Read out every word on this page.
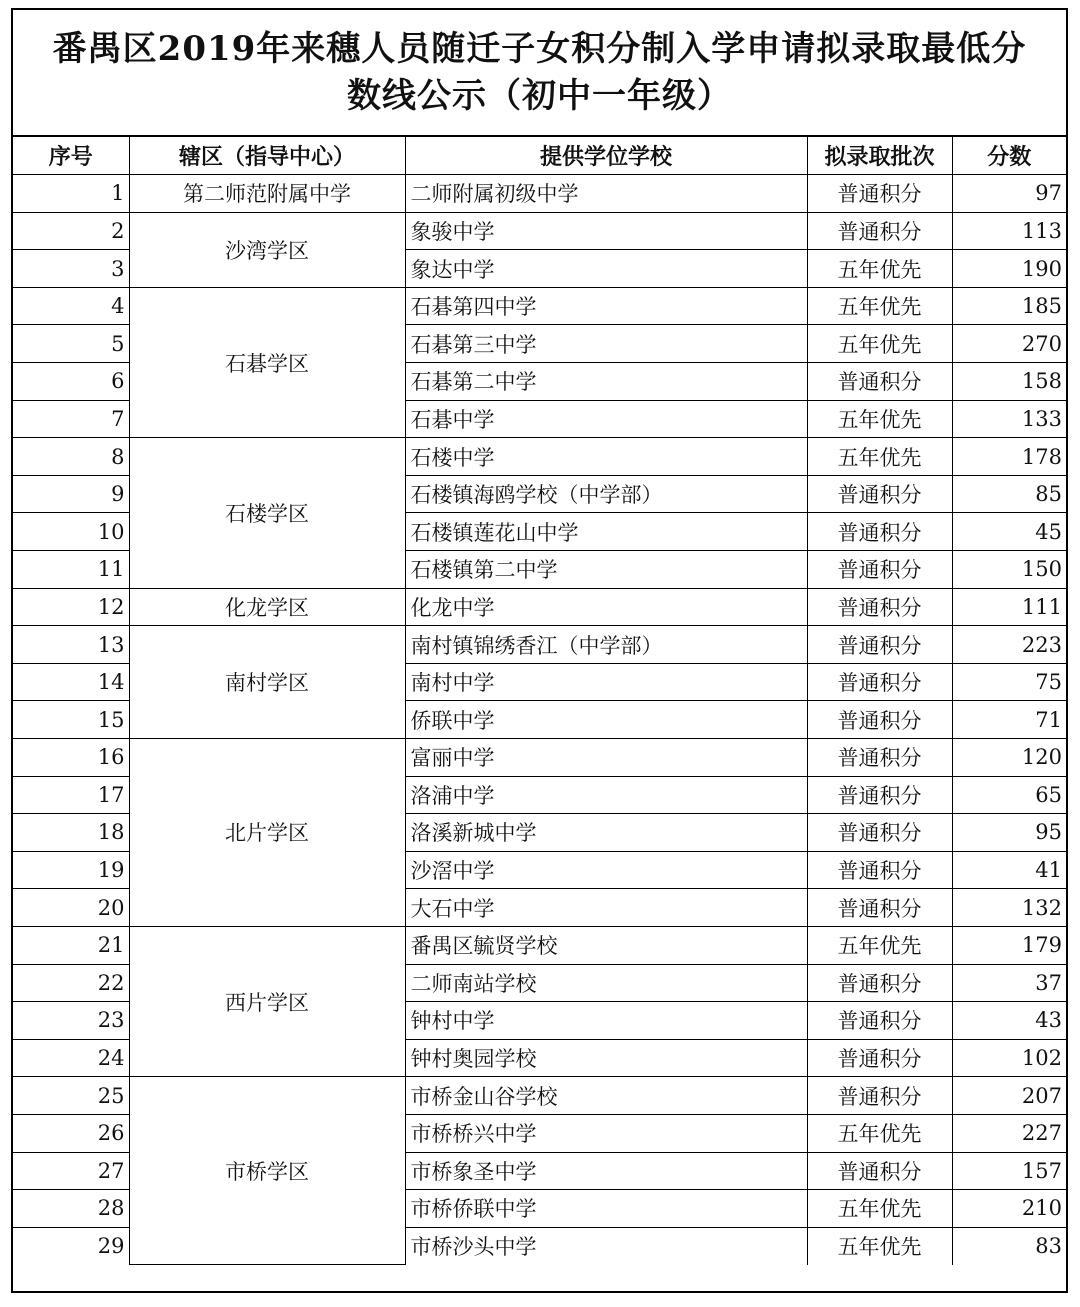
番禺区2019年来穗人员随迁子女积分制入学申请拟录取最低分
数线公示（初中一年级）
序号	辖区（指导中心）	提供学位学校	拟录取批次	分数
1	第二师范附属中学	二师附属初级中学	普通积分	97
2	沙湾学区	象骏中学	普通积分	113
3		象达中学	五年优先	190
4	石碁学区	石碁第四中学	五年优先	185
5		石碁第三中学	五年优先	270
6		石碁第二中学	普通积分	158
7		石碁中学	五年优先	133
8	石楼学区	石楼中学	五年优先	178
9		石楼镇海鸥学校（中学部）	普通积分	85
10		石楼镇莲花山中学	普通积分	45
11		石楼镇第二中学	普通积分	150
12	化龙学区	化龙中学	普通积分	111
13	南村学区	南村镇锦绣香江（中学部）	普通积分	223
14		南村中学	普通积分	75
15		侨联中学	普通积分	71
16	北片学区	富丽中学	普通积分	120
17		洛浦中学	普通积分	65
18		洛溪新城中学	普通积分	95
19		沙滘中学	普通积分	41
20		大石中学	普通积分	132
21	西片学区	番禺区毓贤学校	五年优先	179
22		二师南站学校	普通积分	37
23		钟村中学	普通积分	43
24		钟村奥园学校	普通积分	102
25	市桥学区	市桥金山谷学校	普通积分	207
26		市桥桥兴中学	五年优先	227
27		市桥象圣中学	普通积分	157
28		市桥侨联中学	五年优先	210
29		市桥沙头中学	五年优先	83
